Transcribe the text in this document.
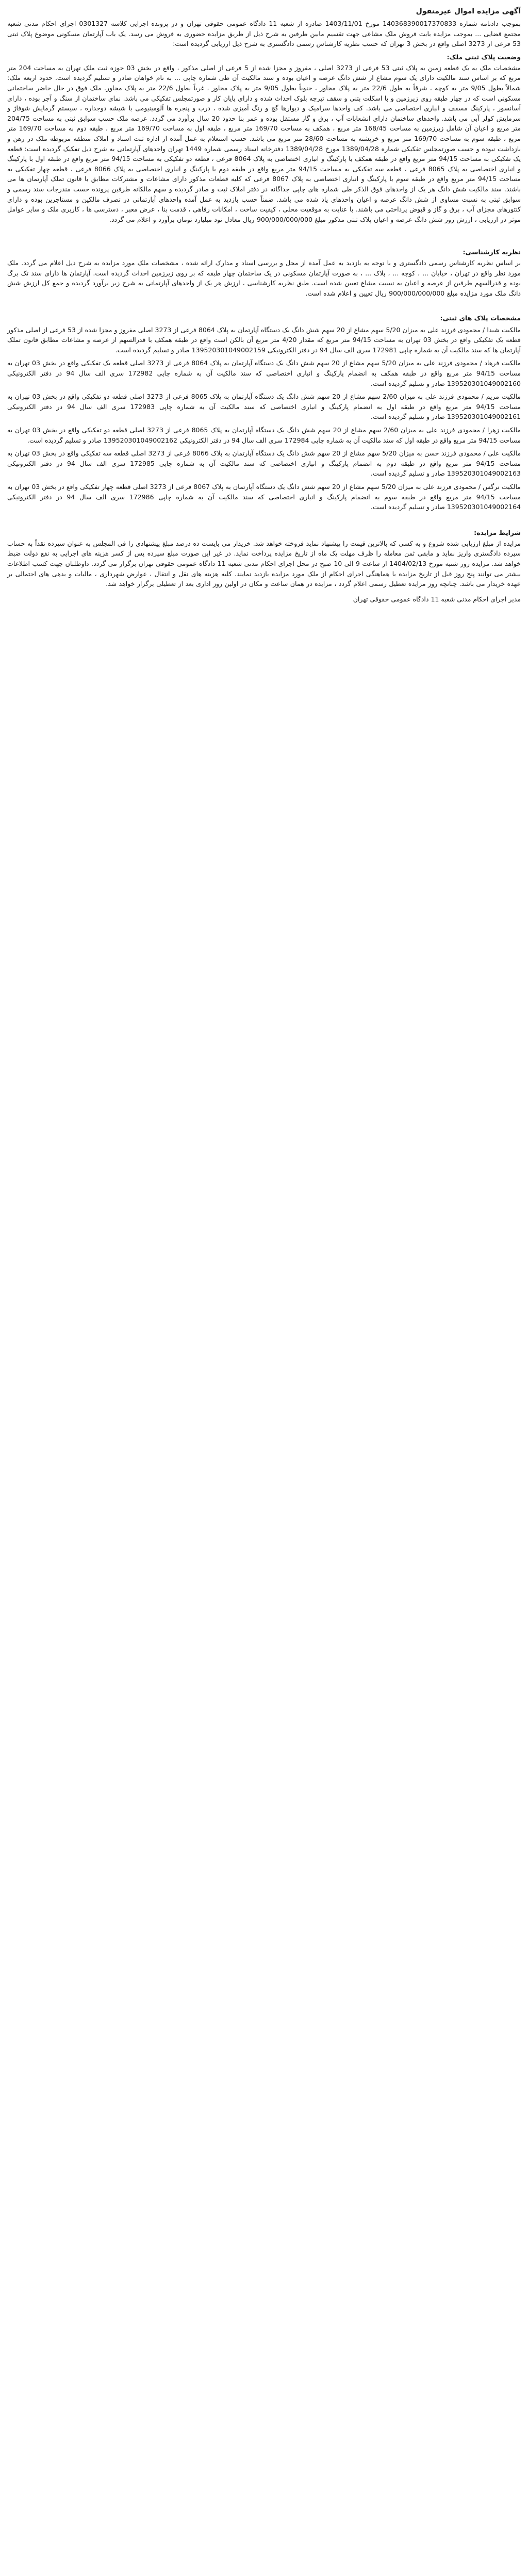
آگهی مزایده اموال غیرمنقول

بموجب دادنامه شماره 140368390017370833 مورخ 1403/11/01 صادره از شعبه 11 دادگاه عمومی حقوقی تهران و در پرونده اجرایی کلاسه 0301327 اجرای احکام مدنی شعبه مجتمع قضایی ... بموجب مزایده بابت فروش ملک مشاعی جهت تقسیم مابین طرفین به شرح ذیل از طریق مزایده حضوری به فروش می رسد. یک باب آپارتمان مسکونی موضوع پلاک ثبتی 53 فرعی از 3273 اصلی واقع در بخش 3 تهران که حسب نظریه کارشناس رسمی دادگستری به شرح ذیل ارزیابی گردیده است:

وضعیت پلاک ثبتی ملک:

مشخصات ملک به یک قطعه زمین به پلاک ثبتی 53 فرعی از 3273 اصلی ، مفروز و مجزا شده از 5 فرعی از اصلی مذکور ، واقع در بخش 03 حوزه ثبت ملک تهران به مساحت 204 متر مربع که بر اساس سند مالکیت دارای یک سوم مشاع از شش دانگ عرصه و اعیان بوده و سند مالکیت آن طی شماره چاپی ... به نام خواهان صادر و تسلیم گردیده است. حدود اربعه ملک: شمالاً بطول 9/05 متر به کوچه ، شرقاً به طول 22/6 متر به پلاک مجاور ، جنوباً بطول 9/05 متر به پلاک مجاور ، غرباً بطول 22/6 متر به پلاک مجاور. ملک فوق در حال حاضر ساختمانی مسکونی است که در چهار طبقه روی زیرزمین و با اسکلت بتنی و سقف تیرچه بلوک احداث شده و دارای پایان کار و صورتمجلس تفکیکی می باشد. نمای ساختمان از سنگ و آجر بوده ، دارای آسانسور ، پارکینگ مسقف و انباری اختصاصی می باشد. کف واحدها سرامیک و دیوارها گچ و رنگ آمیزی شده ، درب و پنجره ها آلومینیومی با شیشه دوجداره ، سیستم گرمایش شوفاژ و سرمایش کولر آبی می باشد. واحدهای ساختمان دارای انشعابات آب ، برق و گاز مستقل بوده و عمر بنا حدود 20 سال برآورد می گردد. عرصه ملک حسب سوابق ثبتی به مساحت 204/75 متر مربع و اعیان آن شامل زیرزمین به مساحت 168/45 متر مربع ، همکف به مساحت 169/70 متر مربع ، طبقه اول به مساحت 169/70 متر مربع ، طبقه دوم به مساحت 169/70 متر مربع ، طبقه سوم به مساحت 169/70 متر مربع و خرپشته به مساحت 28/60 متر مربع می باشد. حسب استعلام به عمل آمده از اداره ثبت اسناد و املاک منطقه مربوطه ملک در رهن و بازداشت نبوده و حسب صورتمجلس تفکیکی شماره 1389/04/28 مورخ 1389/04/28 دفترخانه اسناد رسمی شماره 1449 تهران واحدهای آپارتمانی به شرح ذیل تفکیک گردیده است: قطعه یک تفکیکی به مساحت 94/15 متر مربع واقع در طبقه همکف با پارکینگ و انباری اختصاصی به پلاک 8064 فرعی ، قطعه دو تفکیکی به مساحت 94/15 متر مربع واقع در طبقه اول با پارکینگ و انباری اختصاصی به پلاک 8065 فرعی ، قطعه سه تفکیکی به مساحت 94/15 متر مربع واقع در طبقه دوم با پارکینگ و انباری اختصاصی به پلاک 8066 فرعی ، قطعه چهار تفکیکی به مساحت 94/15 متر مربع واقع در طبقه سوم با پارکینگ و انباری اختصاصی به پلاک 8067 فرعی که کلیه قطعات مذکور دارای مشاعات و مشترکات مطابق با قانون تملک آپارتمان ها می باشند. سند مالکیت شش دانگ هر یک از واحدهای فوق الذکر طی شماره های چاپی جداگانه در دفتر املاک ثبت و صادر گردیده و سهم مالکانه طرفین پرونده حسب مندرجات سند رسمی و سوابق ثبتی به نسبت مساوی از شش دانگ عرصه و اعیان واحدهای یاد شده می باشد. ضمناً حسب بازدید به عمل آمده واحدهای آپارتمانی در تصرف مالکین و مستاجرین بوده و دارای کنتورهای مجزای آب ، برق و گاز و قبوض پرداختی می باشند. با عنایت به موقعیت محلی ، کیفیت ساخت ، امکانات رفاهی ، قدمت بنا ، عرض معبر ، دسترسی ها ، کاربری ملک و سایر عوامل موثر در ارزیابی ، ارزش روز شش دانگ عرصه و اعیان پلاک ثبتی مذکور مبلغ 900/000/000/000 ریال معادل نود میلیارد تومان برآورد و اعلام می گردد.

نظریه کارشناسی:

بر اساس نظریه کارشناس رسمی دادگستری و با توجه به بازدید به عمل آمده از محل و بررسی اسناد و مدارک ارائه شده ، مشخصات ملک مورد مزایده به شرح ذیل اعلام می گردد. ملک مورد نظر واقع در تهران ، خیابان ... ، کوچه ... ، پلاک ... ، به صورت آپارتمان مسکونی در یک ساختمان چهار طبقه که بر روی زیرزمین احداث گردیده است. آپارتمان ها دارای سند تک برگ بوده و قدرالسهم طرفین از عرصه و اعیان به نسبت مشاع تعیین شده است. طبق نظریه کارشناسی ، ارزش هر یک از واحدهای آپارتمانی به شرح زیر برآورد گردیده و جمع کل ارزش شش دانگ ملک مورد مزایده مبلغ 900/000/000/000 ریال تعیین و اعلام شده است.

مشخصات پلاک های ثبتی:

مالکیت شیدا / محمودی فرزند علی به میزان 5/20 سهم مشاع از 20 سهم شش دانگ یک دستگاه آپارتمان به پلاک 8064 فرعی از 3273 اصلی مفروز و مجزا شده از 53 فرعی از اصلی مذکور قطعه یک تفکیکی واقع در بخش 03 تهران به مساحت 94/15 متر مربع که مقدار 4/20 متر مربع آن بالکن است واقع در طبقه همکف با قدرالسهم از عرصه و مشاعات مطابق قانون تملک آپارتمان ها که سند مالکیت آن به شماره چاپی 172981 سری الف سال 94 در دفتر الکترونیکی 139520301049002159 صادر و تسلیم گردیده است.

مالکیت فرهاد / محمودی فرزند علی به میزان 5/20 سهم مشاع از 20 سهم شش دانگ یک دستگاه آپارتمان به پلاک 8064 فرعی از 3273 اصلی قطعه یک تفکیکی واقع در بخش 03 تهران به مساحت 94/15 متر مربع واقع در طبقه همکف به انضمام پارکینگ و انباری اختصاصی که سند مالکیت آن به شماره چاپی 172982 سری الف سال 94 در دفتر الکترونیکی 139520301049002160 صادر و تسلیم گردیده است.

مالکیت مریم / محمودی فرزند علی به میزان 2/60 سهم مشاع از 20 سهم شش دانگ یک دستگاه آپارتمان به پلاک 8065 فرعی از 3273 اصلی قطعه دو تفکیکی واقع در بخش 03 تهران به مساحت 94/15 متر مربع واقع در طبقه اول به انضمام پارکینگ و انباری اختصاصی که سند مالکیت آن به شماره چاپی 172983 سری الف سال 94 در دفتر الکترونیکی 139520301049002161 صادر و تسلیم گردیده است.

مالکیت زهرا / محمودی فرزند علی به میزان 2/60 سهم مشاع از 20 سهم شش دانگ یک دستگاه آپارتمان به پلاک 8065 فرعی از 3273 اصلی قطعه دو تفکیکی واقع در بخش 03 تهران به مساحت 94/15 متر مربع واقع در طبقه اول که سند مالکیت آن به شماره چاپی 172984 سری الف سال 94 در دفتر الکترونیکی 139520301049002162 صادر و تسلیم گردیده است.

مالکیت علی / محمودی فرزند حسن به میزان 5/20 سهم مشاع از 20 سهم شش دانگ یک دستگاه آپارتمان به پلاک 8066 فرعی از 3273 اصلی قطعه سه تفکیکی واقع در بخش 03 تهران به مساحت 94/15 متر مربع واقع در طبقه دوم به انضمام پارکینگ و انباری اختصاصی که سند مالکیت آن به شماره چاپی 172985 سری الف سال 94 در دفتر الکترونیکی 139520301049002163 صادر و تسلیم گردیده است.

مالکیت نرگس / محمودی فرزند علی به میزان 5/20 سهم مشاع از 20 سهم شش دانگ یک دستگاه آپارتمان به پلاک 8067 فرعی از 3273 اصلی قطعه چهار تفکیکی واقع در بخش 03 تهران به مساحت 94/15 متر مربع واقع در طبقه سوم به انضمام پارکینگ و انباری اختصاصی که سند مالکیت آن به شماره چاپی 172986 سری الف سال 94 در دفتر الکترونیکی 139520301049002164 صادر و تسلیم گردیده است.

شرایط مزایده:

مزایده از مبلغ ارزیابی شده شروع و به کسی که بالاترین قیمت را پیشنهاد نماید فروخته خواهد شد. خریدار می بایست ده درصد مبلغ پیشنهادی را فی المجلس به عنوان سپرده نقداً به حساب سپرده دادگستری واریز نماید و مابقی ثمن معامله را ظرف مهلت یک ماه از تاریخ مزایده پرداخت نماید. در غیر این صورت مبلغ سپرده پس از کسر هزینه های اجرایی به نفع دولت ضبط خواهد شد. مزایده روز شنبه مورخ 1404/02/13 از ساعت 9 الی 10 صبح در محل اجرای احکام مدنی شعبه 11 دادگاه عمومی حقوقی تهران برگزار می گردد. داوطلبان جهت کسب اطلاعات بیشتر می توانند پنج روز قبل از تاریخ مزایده با هماهنگی اجرای احکام از ملک مورد مزایده بازدید نمایند. کلیه هزینه های نقل و انتقال ، عوارض شهرداری ، مالیات و بدهی های احتمالی بر عهده خریدار می باشد. چنانچه روز مزایده تعطیل رسمی اعلام گردد ، مزایده در همان ساعت و مکان در اولین روز اداری بعد از تعطیلی برگزار خواهد شد.

مدیر اجرای احکام مدنی شعبه 11 دادگاه عمومی حقوقی تهران
